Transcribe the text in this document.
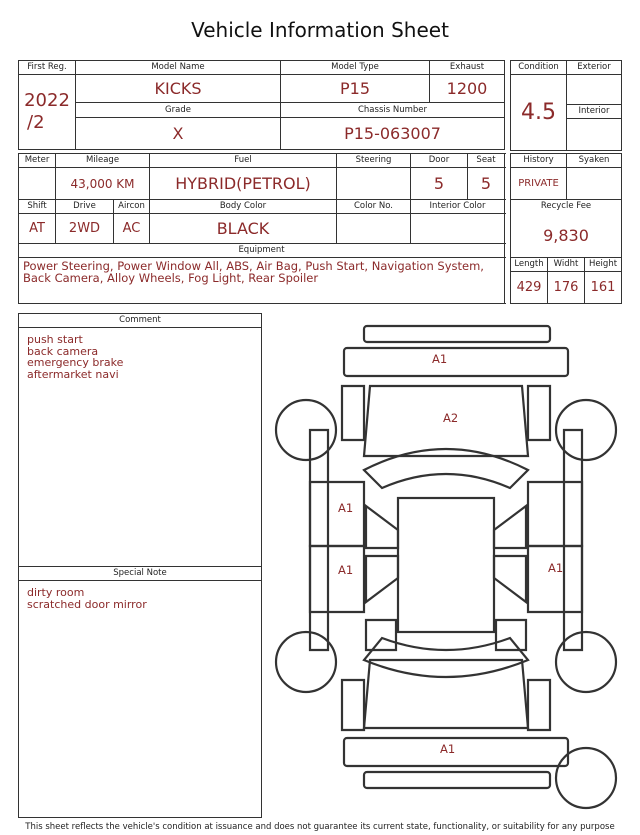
Vehicle Information Sheet
First Reg.	Model Name	Model Type	Exhaust

2022
/2	KICKS	P15	1200
	Grade	Chassis Number	
	X	P15-063007	
Condition	Exterior
4.5	
	Interior

Meter	Mileage		Fuel	Steering	Door	Seat
	43,000 KM		HYBRID(PETROL)		5	5
Shift	Drive	Aircon	Body Color	Color No.	Interior Color	
AT	2WD	AC	BLACK			
Equipment						

Power Steering, Power Window All, ABS, Air Bag, Push Start, Navigation System, Back Camera, Alloy Wheels, Fog Light, Rear Spoiler						
History		Syaken	
PRIVATE			
Recycle Fee			
9,830			
Length	Widht		Height
429	176		161
Comment
push start
back camera
emergency brake
aftermarket navi
Special Note
dirty room
scratched door mirror
A1
A2
A1
A1	A1
A1
This sheet reflects the vehicle's condition at issuance and does not guarantee its current state, functionality, or suitability for any purpose
